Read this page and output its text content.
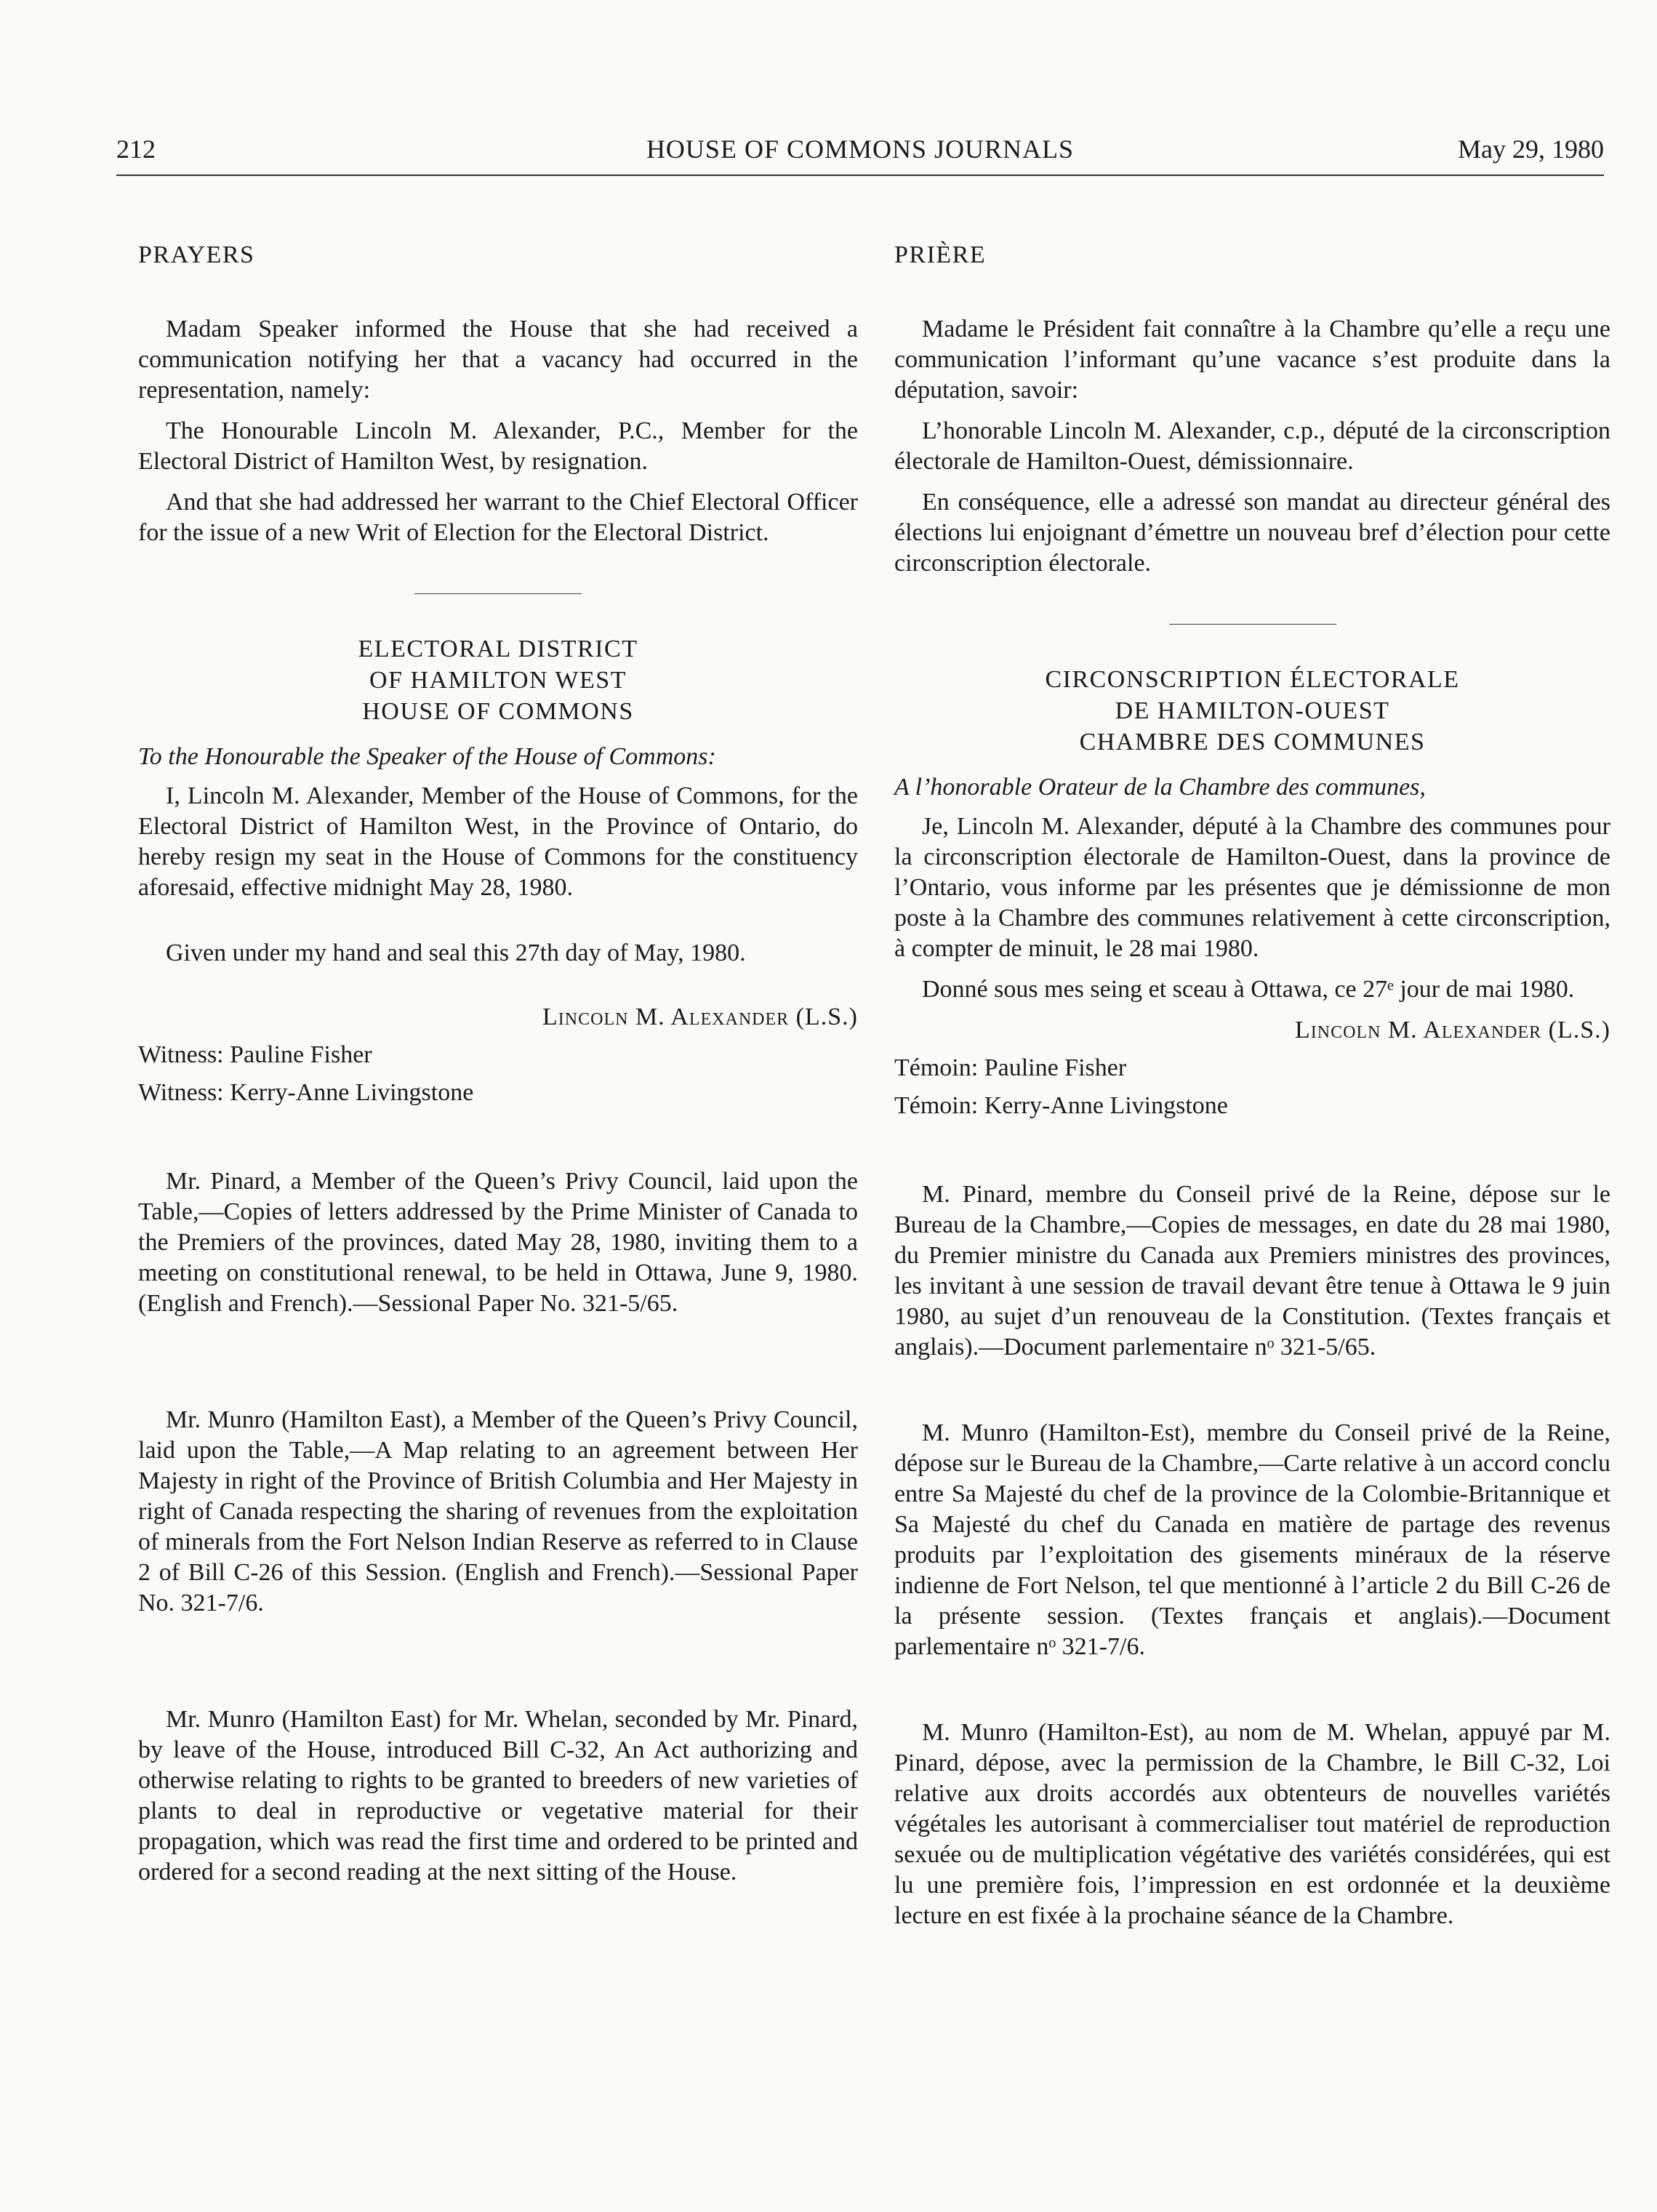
212	HOUSE OF COMMONS JOURNALS	May 29, 1980

PRAYERS

Madam Speaker informed the House that she had received a communication notifying her that a vacancy had occurred in the representation, namely:

The Honourable Lincoln M. Alexander, P.C., Member for the Electoral District of Hamilton West, by resignation.

And that she had addressed her warrant to the Chief Electoral Officer for the issue of a new Writ of Election for the Electoral District.

ELECTORAL DISTRICT

OF HAMILTON WEST

HOUSE OF COMMONS

To the Honourable the Speaker of the House of Commons:

I, Lincoln M. Alexander, Member of the House of Commons, for the Electoral District of Hamilton West, in the Province of Ontario, do hereby resign my seat in the House of Commons for the constituency aforesaid, effective midnight May 28, 1980.

Given under my hand and seal this 27th day of May, 1980.

Lincoln M. Alexander (L.S.)

Witness: Pauline Fisher

Witness: Kerry-Anne Livingstone

Mr. Pinard, a Member of the Queen’s Privy Council, laid upon the Table,—Copies of letters addressed by the Prime Minister of Canada to the Premiers of the provinces, dated May 28, 1980, inviting them to a meeting on constitutional renewal, to be held in Ottawa, June 9, 1980. (English and French).—Sessional Paper No. 321-5/65.

Mr. Munro (Hamilton East), a Member of the Queen’s Privy Council, laid upon the Table,—A Map relating to an agreement between Her Majesty in right of the Province of British Columbia and Her Majesty in right of Canada respecting the sharing of revenues from the exploitation of minerals from the Fort Nelson Indian Reserve as referred to in Clause 2 of Bill C-26 of this Session. (English and French).—Sessional Paper No. 321-7/6.

Mr. Munro (Hamilton East) for Mr. Whelan, seconded by Mr. Pinard, by leave of the House, introduced Bill C-32, An Act authorizing and otherwise relating to rights to be granted to breeders of new varieties of plants to deal in reproductive or vegetative material for their propagation, which was read the first time and ordered to be printed and ordered for a second reading at the next sitting of the House.

PRIÈRE

Madame le Président fait connaître à la Chambre qu’elle a reçu une communication l’informant qu’une vacance s’est produite dans la députation, savoir:

L’honorable Lincoln M. Alexander, c.p., député de la circonscription électorale de Hamilton-Ouest, démissionnaire.

En conséquence, elle a adressé son mandat au directeur général des élections lui enjoignant d’émettre un nouveau bref d’élection pour cette circonscription électorale.

CIRCONSCRIPTION ÉLECTORALE

DE HAMILTON-OUEST

CHAMBRE DES COMMUNES

A l’honorable Orateur de la Chambre des communes,

Je, Lincoln M. Alexander, député à la Chambre des communes pour la circonscription électorale de Hamilton-Ouest, dans la province de l’Ontario, vous informe par les présentes que je démissionne de mon poste à la Chambre des communes relativement à cette circonscription, à compter de minuit, le 28 mai 1980.

Donné sous mes seing et sceau à Ottawa, ce 27ᵉ jour de mai 1980.

Lincoln M. Alexander (L.S.)

Témoin: Pauline Fisher

Témoin: Kerry-Anne Livingstone

M. Pinard, membre du Conseil privé de la Reine, dépose sur le Bureau de la Chambre,—Copies de messages, en date du 28 mai 1980, du Premier ministre du Canada aux Premiers ministres des provinces, les invitant à une session de travail devant être tenue à Ottawa le 9 juin 1980, au sujet d’un renouveau de la Constitution. (Textes français et anglais).—Document parlementaire nᵒ 321-5/65.

M. Munro (Hamilton-Est), membre du Conseil privé de la Reine, dépose sur le Bureau de la Chambre,—Carte relative à un accord conclu entre Sa Majesté du chef de la province de la Colombie-Britannique et Sa Majesté du chef du Canada en matière de partage des revenus produits par l’exploitation des gisements minéraux de la réserve indienne de Fort Nelson, tel que mentionné à l’article 2 du Bill C-26 de la présente session. (Textes français et anglais).—Document parlementaire nᵒ 321-7/6.

M. Munro (Hamilton-Est), au nom de M. Whelan, appuyé par M. Pinard, dépose, avec la permission de la Chambre, le Bill C-32, Loi relative aux droits accordés aux obtenteurs de nouvelles variétés végétales les autorisant à commercialiser tout matériel de reproduction sexuée ou de multiplication végétative des variétés considérées, qui est lu une première fois, l’impression en est ordonnée et la deuxième lecture en est fixée à la prochaine séance de la Chambre.
